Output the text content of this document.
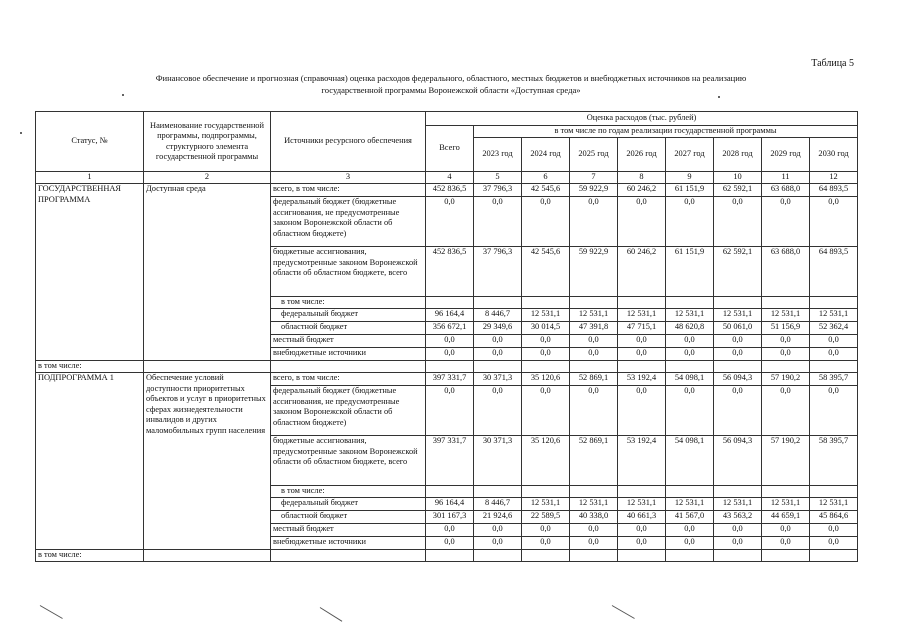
Таблица 5
Финансовое обеспечение и прогнозная (справочная) оценка расходов федерального, областного, местных бюджетов и внебюджетных источников на реализацию
государственной программы Воронежской области «Доступная среда»
Статус, №	Наименование государственной программы, подпрограммы, структурного элемента государственной программы	Источники ресурсного обеспечения	Оценка расходов (тыс. рублей)								
			Всего	в том числе по годам реализации государственной программы							
				2023 год	2024 год	2025 год	2026 год	2027 год	2028 год	2029 год	2030 год
1	2	3	4	5	6	7	8	9	10	11	12
ГОСУДАРСТВЕННАЯ ПРОГРАММА	Доступная среда	всего, в том числе:	452 836,5	37 796,3	42 545,6	59 922,9	60 246,2	61 151,9	62 592,1	63 688,0	64 893,5
		федеральный бюджет (бюджетные ассигнования, не предусмотренные законом Воронежской области об областном бюджете)	0,0	0,0	0,0	0,0	0,0	0,0	0,0	0,0	0,0
		бюджетные ассигнования, предусмотренные законом Воронежской области об областном бюджете, всего	452 836,5	37 796,3	42 545,6	59 922,9	60 246,2	61 151,9	62 592,1	63 688,0	64 893,5
		в том числе:									
		федеральный бюджет	96 164,4	8 446,7	12 531,1	12 531,1	12 531,1	12 531,1	12 531,1	12 531,1	12 531,1
		областной бюджет	356 672,1	29 349,6	30 014,5	47 391,8	47 715,1	48 620,8	50 061,0	51 156,9	52 362,4
		местный бюджет	0,0	0,0	0,0	0,0	0,0	0,0	0,0	0,0	0,0
		внебюджетные источники	0,0	0,0	0,0	0,0	0,0	0,0	0,0	0,0	0,0
в том числе:											
ПОДПРОГРАММА 1	Обеспечение условий доступности приоритетных объектов и услуг в приоритетных сферах жизнедеятельности инвалидов и других маломобильных групп населения	всего, в том числе:	397 331,7	30 371,3	35 120,6	52 869,1	53 192,4	54 098,1	56 094,3	57 190,2	58 395,7
		федеральный бюджет (бюджетные ассигнования, не предусмотренные законом Воронежской области об областном бюджете)	0,0	0,0	0,0	0,0	0,0	0,0	0,0	0,0	0,0
		бюджетные ассигнования, предусмотренные законом Воронежской области об областном бюджете, всего	397 331,7	30 371,3	35 120,6	52 869,1	53 192,4	54 098,1	56 094,3	57 190,2	58 395,7
		в том числе:									
		федеральный бюджет	96 164,4	8 446,7	12 531,1	12 531,1	12 531,1	12 531,1	12 531,1	12 531,1	12 531,1
		областной бюджет	301 167,3	21 924,6	22 589,5	40 338,0	40 661,3	41 567,0	43 563,2	44 659,1	45 864,6
		местный бюджет	0,0	0,0	0,0	0,0	0,0	0,0	0,0	0,0	0,0
		внебюджетные источники	0,0	0,0	0,0	0,0	0,0	0,0	0,0	0,0	0,0
в том числе:											
